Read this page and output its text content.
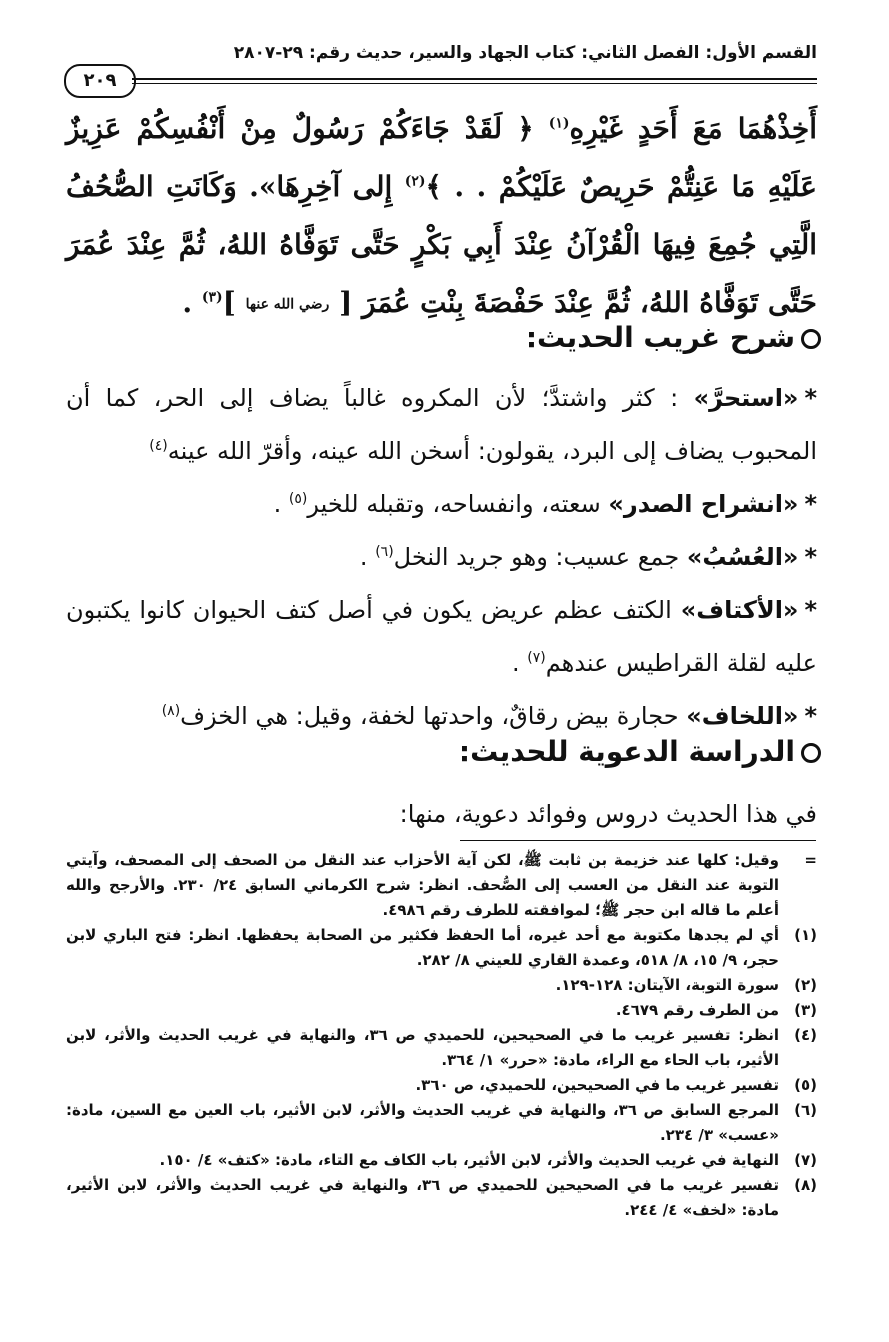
القسم الأول: الفصل الثاني: كتاب الجهاد والسير، حديث رقم: ٢٩-٢٨٠٧
٢٠٩
أَخِذْهُمَا مَعَ أَحَدٍ غَيْرِهِ$^{(١)}$ ﴿ لَقَدْ جَاءَكُمْ رَسُولٌ مِنْ أَنْفُسِكُمْ عَزِيزٌ عَلَيْهِ مَا عَنِتُّمْ حَرِيصٌ عَلَيْكُمْ . . ﴾$^{(٢)}$ إِلى آخِرِهَا». وَكَانَتِ الصُّحُفُ الَّتِي جُمِعَ فِيهَا الْقُرْآنُ عِنْدَ أَبِي بَكْرٍ حَتَّى تَوَفَّاهُ اللهُ، ثُمَّ عِنْدَ عُمَرَ حَتَّى تَوَفَّاهُ اللهُ، ثُمَّ عِنْدَ حَفْصَةَ بِنْتِ عُمَرَ [ رضي الله عنها ]$^{(٣)}$ .
شرح غريب الحديث:

*«استحرَّ» : كثر واشتدَّ؛ لأن المكروه غالباً يضاف إلى الحر، كما أن المحبوب يضاف إلى البرد، يقولون: أسخن الله عينه، وأقرّ الله عينه$^{(٤)}$

*«انشراح الصدر» سعته، وانفساحه، وتقبله للخير$^{(٥)}$ .

*«العُسُبُ» جمع عسيب: وهو جريد النخل$^{(٦)}$ .

*«الأكتاف» الكتف عظم عريض يكون في أصل كتف الحيوان كانوا يكتبون عليه لقلة القراطيس عندهم$^{(٧)}$ .

*«اللخاف» حجارة بيض رقاقٌ، واحدتها لخفة، وقيل: هي الخزف$^{(٨)}$

الدراسة الدعوية للحديث:
في هذا الحديث دروس وفوائد دعوية، منها:

=
وقيل: كلها عند خزيمة بن ثابت ﷺ، لكن آية الأحزاب عند النقل من الصحف إلى المصحف، وآيتي التوبة عند النقل من العسب إلى الصُّحف. انظر: شرح الكرماني السابق ٢٤/ ٢٣٠. والأرجح والله أعلم ما قاله ابن حجر ﷺ؛ لموافقته للطرف رقم ٤٩٨٦.

(١)
أي لم يجدها مكتوبة مع أحد غيره، أما الحفظ فكثير من الصحابة يحفظها. انظر: فتح الباري لابن حجر، ٩/ ١٥، ٨/ ٥١٨، وعمدة القاري للعيني ٨/ ٢٨٢.

(٢)
سورة التوبة، الآيتان: ١٢٨-١٢٩.

(٣)
من الطرف رقم ٤٦٧٩.

(٤)
انظر: تفسير غريب ما في الصحيحين، للحميدي ص ٣٦، والنهاية في غريب الحديث والأثر، لابن الأثير، باب الحاء مع الراء، مادة: «حرر» ١/ ٣٦٤.

(٥)
تفسير غريب ما في الصحيحين، للحميدي، ص ٣٦٠.

(٦)
المرجع السابق ص ٣٦، والنهاية في غريب الحديث والأثر، لابن الأثير، باب العين مع السين، مادة: «عسب» ٣/ ٢٣٤.

(٧)
النهاية في غريب الحديث والأثر، لابن الأثير، باب الكاف مع التاء، مادة: «كتف» ٤/ ١٥٠.

(٨)
تفسير غريب ما في الصحيحين للحميدي ص ٣٦، والنهاية في غريب الحديث والأثر، لابن الأثير، مادة: «لخف» ٤/ ٢٤٤.
